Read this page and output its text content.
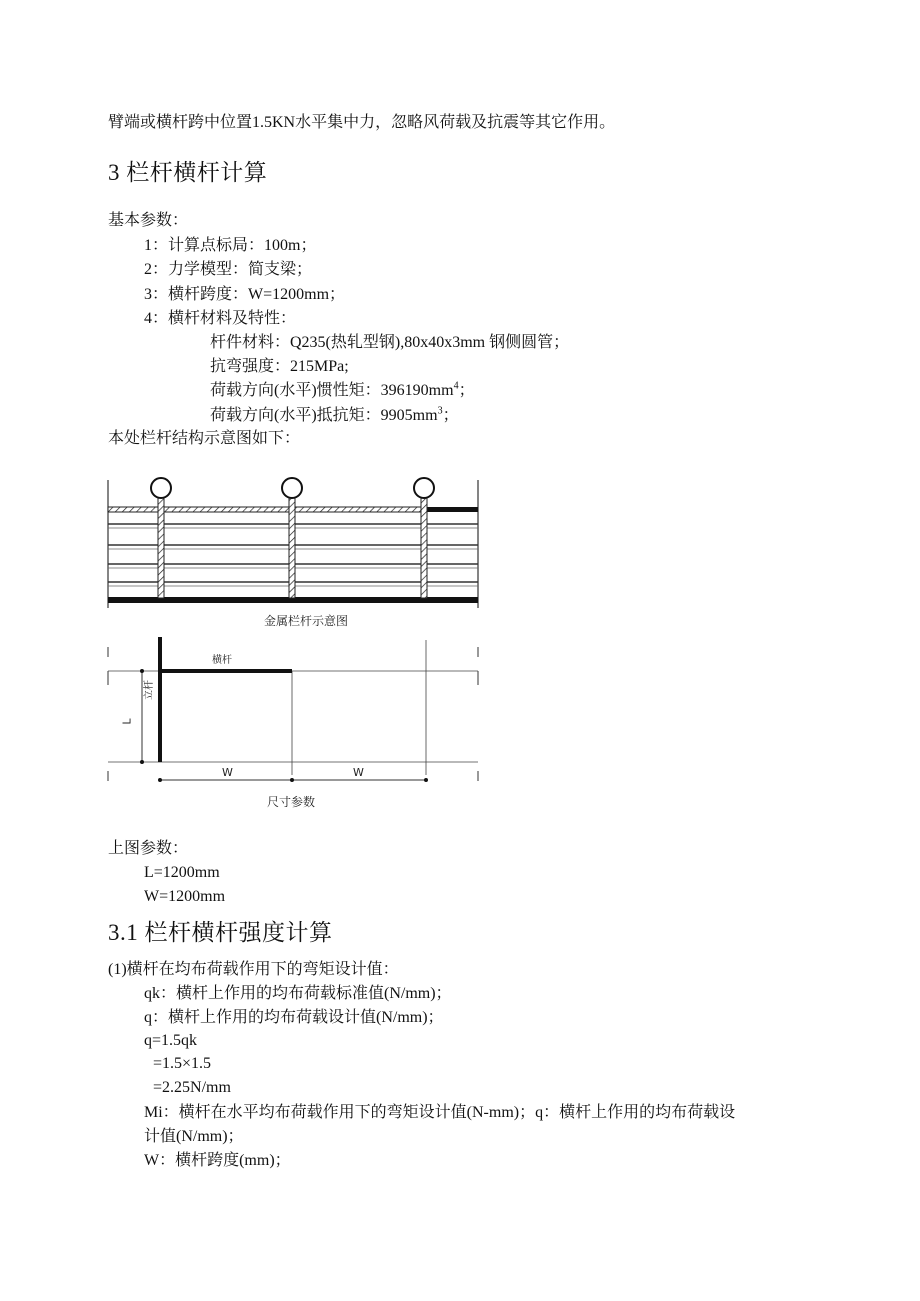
臂端或横杆跨中位置1.5KN水平集中力，忽略风荷载及抗震等其它作用。
3 栏杆横杆计算
基本参数：
1：计算点标局：100m；
2：力学模型：简支梁；
3：横杆跨度：W=1200mm；
4：横杆材料及特性：
杆件材料：Q235(热轧型钢),80x40x3mm 钢侧圆管；
抗弯强度：215MPa;
荷载方向(水平)惯性矩：$396190mm^4$；
荷载方向(水平)抵抗矩：$9905mm^3$；
本处栏杆结构示意图如下：
金属栏杆示意图
横杆
立杆
L
W	W
尺寸参数
上图参数：
L=1200mm
W=1200mm
3.1 栏杆横杆强度计算
(1)横杆在均布荷载作用下的弯矩设计值：
qk：横杆上作用的均布荷载标准值(N/mm)；
q：横杆上作用的均布荷载设计值(N/mm)；
q=1.5qk
=1.5×1.5
=2.25N/mm
Mi：横杆在水平均布荷载作用下的弯矩设计值(N-mm)；q：横杆上作用的均布荷载设
计值(N/mm)；
W：横杆跨度(mm)；
